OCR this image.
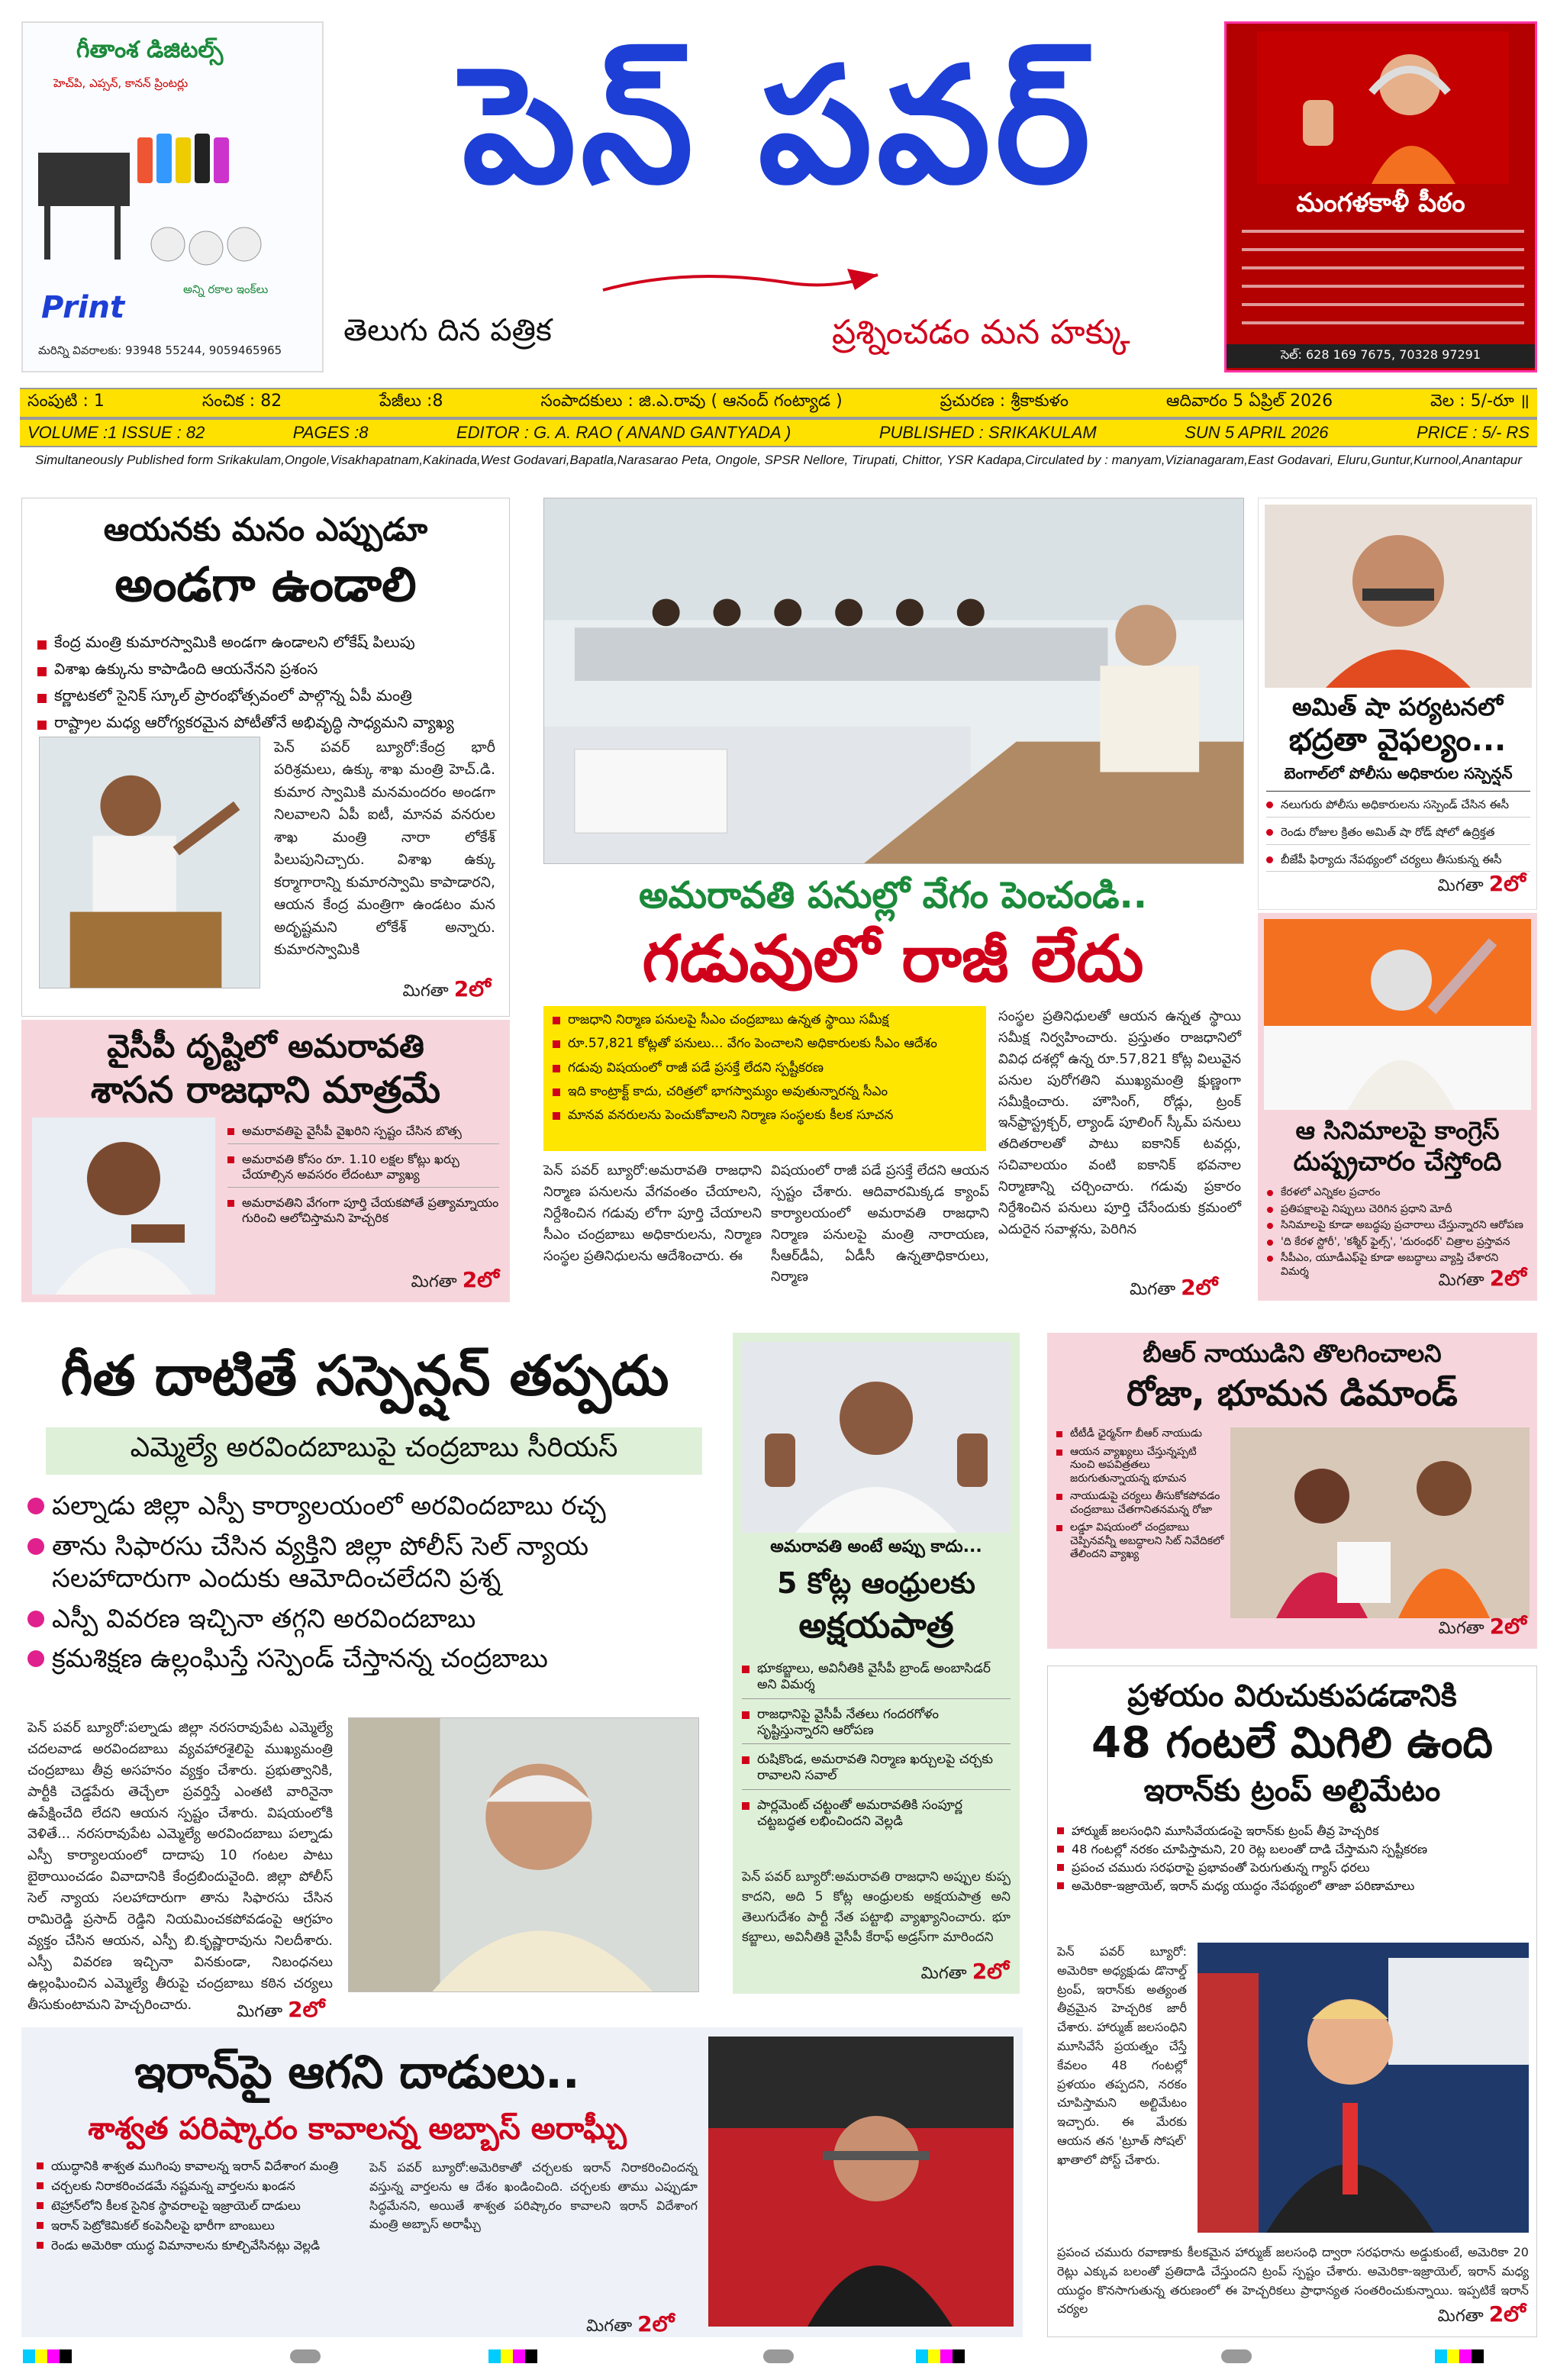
గీతాంశ డిజిటల్స్
హెచ్‌పి, ఎప్సన్, కానన్ ప్రింటర్లు
అన్ని రకాల ఇంక్‌లు
Print
మరిన్ని వివరాలకు: 93948 55244, 9059465965
పెన్ పవర్
తెలుగు దిన పత్రిక	ప్రశ్నించడం మన హక్కు
మంగళకాళీ పీఠం
సెల్: 628 169 7675, 70328 97291
సంపుటి : 1	సంచిక : 82	పేజీలు :8	సంపాదకులు : జి.ఎ.రావు ( ఆనంద్ గంట్యాడ )	ప్రచురణ : శ్రీకాకుళం	ఆదివారం 5 ఏప్రిల్ 2026	వెల : 5/-రూ ॥
VOLUME :1 ISSUE : 82	PAGES :8	EDITOR : G. A. RAO ( ANAND GANTYADA )	PUBLISHED : SRIKAKULAM	SUN 5 APRIL 2026	PRICE : 5/- RS
Simultaneously Published form Srikakulam,Ongole,Visakhapatnam,Kakinada,West Godavari,Bapatla,Narasarao Peta, Ongole, SPSR Nellore, Tirupati, Chittor, YSR Kadapa,Circulated by : manyam,Vizianagaram,East Godavari, Eluru,Guntur,Kurnool,Anantapur
ఆయనకు మనం ఎప్పుడూ
అండగా ఉండాలి
కేంద్ర మంత్రి కుమారస్వామికి అండగా ఉండాలని లోకేష్ పిలుపు
విశాఖ ఉక్కును కాపాడింది ఆయనేనని ప్రశంస
కర్ణాటకలో సైనిక్ స్కూల్ ప్రారంభోత్సవంలో పాల్గొన్న ఏపీ మంత్రి
రాష్ట్రాల మధ్య ఆరోగ్యకరమైన పోటీతోనే అభివృద్ధి సాధ్యమని వ్యాఖ్య
పెన్ పవర్ బ్యూరో:కేంద్ర భారీ పరిశ్రమలు, ఉక్కు శాఖ మంత్రి హెచ్.డి. కుమార స్వామికి మనమందరం అండగా నిలవాలని ఏపీ ఐటీ, మానవ వనరుల శాఖ మంత్రి నారా లోకేశ్ పిలుపునిచ్చారు. విశాఖ ఉక్కు కర్మాగారాన్ని కుమారస్వామి కాపాడారని, ఆయన కేంద్ర మంత్రిగా ఉండటం మన అదృష్టమని లోకేశ్ అన్నారు. కుమారస్వామికి
మిగతా 2లో
అమరావతి పనుల్లో వేగం పెంచండి..
గడువులో రాజీ లేదు
రాజధాని నిర్మాణ పనులపై సీఎం చంద్రబాబు ఉన్నత స్థాయి సమీక్ష
రూ.57,821 కోట్లతో పనులు... వేగం పెంచాలని అధికారులకు సీఎం ఆదేశం
గడువు విషయంలో రాజీ పడే ప్రసక్తే లేదని స్పష్టీకరణ
ఇది కాంట్రాక్ట్ కాదు, చరిత్రలో భాగస్వామ్యం అవుతున్నారన్న సీఎం
మానవ వనరులను పెంచుకోవాలని నిర్మాణ సంస్థలకు కీలక సూచన
పెన్ పవర్ బ్యూరో:అమరావతి రాజధాని నిర్మాణ పనులను వేగవంతం చేయాలని, నిర్దేశించిన గడువు లోగా పూర్తి చేయాలని సీఎం చంద్రబాబు అధికారులను, నిర్మాణ సంస్థల ప్రతినిధులను ఆదేశించారు. ఈ
విషయంలో రాజీ పడే ప్రసక్తే లేదని ఆయన స్పష్టం చేశారు. ఆదివారమిక్కడ క్యాంప్ కార్యాలయంలో అమరావతి రాజధాని నిర్మాణ పనులపై మంత్రి నారాయణ, సీఆర్‌డీఏ, ఏడీసీ ఉన్నతాధికారులు, నిర్మాణ
సంస్థల ప్రతినిధులతో ఆయన ఉన్నత స్థాయి సమీక్ష నిర్వహించారు. ప్రస్తుతం రాజధానిలో వివిధ దశల్లో ఉన్న రూ.57,821 కోట్ల విలువైన పనుల పురోగతిని ముఖ్యమంత్రి క్షుణ్ణంగా సమీక్షించారు. హౌసింగ్, రోడ్లు, ట్రంక్ ఇన్‌ఫ్రాస్ట్రక్చర్, ల్యాండ్ పూలింగ్ స్కీమ్ పనులు తదితరాలతో పాటు ఐకానిక్ టవర్లు, సచివాలయం వంటి ఐకానిక్ భవనాల నిర్మాణాన్ని చర్చించారు. గడువు ప్రకారం నిర్దేశించిన పనులు పూర్తి చేసేందుకు క్రమంలో ఎదురైన సవాళ్లను, పెరిగిన
మిగతా 2లో
అమిత్ షా పర్యటనలో
భద్రతా వైఫల్యం...
బెంగాల్‌లో పోలీసు అధికారుల సస్పెన్షన్
నలుగురు పోలీసు అధికారులను సస్పెండ్ చేసిన ఈసీ
రెండు రోజుల క్రితం అమిత్ షా రోడ్ షోలో ఉద్రిక్తత
బీజేపీ ఫిర్యాదు నేపథ్యంలో చర్యలు తీసుకున్న ఈసీ
మిగతా 2లో
ఆ సినిమాలపై కాంగ్రెస్
దుష్ప్రచారం చేస్తోంది
కేరళలో ఎన్నికల ప్రచారం
ప్రతిపక్షాలపై నిప్పులు చెరిగిన ప్రధాని మోదీ
సినిమాలపై కూడా అబద్ధపు ప్రచారాలు చేస్తున్నారని ఆరోపణ
'ది కేరళ స్టోరీ', 'కశ్మీర్ ఫైల్స్', 'దురంధర్' చిత్రాల ప్రస్తావన
సీపీఎం, యూడీఎఫ్‌పై కూడా అబద్ధాలు వ్యాప్తి చేశారని విమర్శ	మిగతా 2లో
వైసీపీ దృష్టిలో అమరావతి
శాసన రాజధాని మాత్రమే
అమరావతిపై వైసీపీ వైఖరిని స్పష్టం చేసిన బొత్స
అమరావతి కోసం రూ. 1.10 లక్షల కోట్లు ఖర్చు చేయాల్సిన అవసరం లేదంటూ వ్యాఖ్య
అమరావతిని వేగంగా పూర్తి చేయకపోతే ప్రత్యామ్నాయం గురించి ఆలోచిస్తామని హెచ్చరిక
మిగతా 2లో
గీత దాటితే సస్పెన్షన్ తప్పదు
ఎమ్మెల్యే అరవిందబాబుపై చంద్రబాబు సీరియస్
పల్నాడు జిల్లా ఎస్పీ కార్యాలయంలో అరవిందబాబు రచ్చ
తాను సిఫారసు చేసిన వ్యక్తిని జిల్లా పోలీస్ సెల్ న్యాయ సలహాదారుగా ఎందుకు ఆమోదించలేదని ప్రశ్న
ఎస్పీ వివరణ ఇచ్చినా తగ్గని అరవిందబాబు
క్రమశిక్షణ ఉల్లంఘిస్తే సస్పెండ్ చేస్తానన్న చంద్రబాబు
పెన్ పవర్ బ్యూరో:పల్నాడు జిల్లా నరసరావుపేట ఎమ్మెల్యే చదలవాడ అరవిందబాబు వ్యవహారశైలిపై ముఖ్యమంత్రి చంద్రబాబు తీవ్ర అసహనం వ్యక్తం చేశారు. ప్రభుత్వానికి, పార్టీకి చెడ్డపేరు తెచ్చేలా ప్రవర్తిస్తే ఎంతటి వారినైనా ఉపేక్షించేది లేదని ఆయన స్పష్టం చేశారు. విషయంలోకి వెళితే... నరసరావుపేట ఎమ్మెల్యే అరవిందబాబు పల్నాడు ఎస్పీ కార్యాలయంలో దాదాపు 10 గంటల పాటు బైఠాయించడం వివాదానికి కేంద్రబిందువైంది. జిల్లా పోలీస్ సెల్ న్యాయ సలహాదారుగా తాను సిఫారసు చేసిన రామిరెడ్డి ప్రసాద్ రెడ్డిని నియమించకపోవడంపై ఆగ్రహం వ్యక్తం చేసిన ఆయన, ఎస్పీ బి.కృష్ణారావును నిలదీశారు. ఎస్పీ వివరణ ఇచ్చినా వినకుండా, నిబంధనలు ఉల్లంఘించిన ఎమ్మెల్యే తీరుపై చంద్రబాబు కఠిన చర్యలు తీసుకుంటామని హెచ్చరించారు.	మిగతా 2లో
అమరావతి అంటే అప్పు కాదు...
5 కోట్ల ఆంధ్రులకు
అక్షయపాత్ర
భూకబ్జాలు, అవినీతికి వైసీపీ బ్రాండ్ అంబాసిడర్ అని విమర్శ
రాజధానిపై వైసీపీ నేతలు గందరగోళం సృష్టిస్తున్నారని ఆరోపణ
రుషికొండ, అమరావతి నిర్మాణ ఖర్చులపై చర్చకు రావాలని సవాల్
పార్లమెంట్ చట్టంతో అమరావతికి సంపూర్ణ చట్టబద్ధత లభించిందని వెల్లడి
పెన్ పవర్ బ్యూరో:అమరావతి రాజధాని అప్పుల కుప్ప కాదని, అది 5 కోట్ల ఆంధ్రులకు అక్షయపాత్ర అని తెలుగుదేశం పార్టీ నేత పట్టాభి వ్యాఖ్యానించారు. భూ కబ్జాలు, అవినీతికి వైసీపీ కేరాఫ్ అడ్రస్‌గా మారిందని
మిగతా 2లో
బీఆర్ నాయుడిని తొలగించాలని
రోజా, భూమన డిమాండ్
టీటీడీ ఛైర్మన్‌గా బీఆర్ నాయుడు
ఆయన వ్యాఖ్యలు చేస్తున్నప్పటి నుంచి అపవిత్రతలు జరుగుతున్నాయన్న భూమన
నాయుడుపై చర్యలు తీసుకోకపోవడం చంద్రబాబు చేతగానితనమన్న రోజా
లడ్డూ విషయంలో చంద్రబాబు చెప్పినవన్నీ అబద్ధాలని సిట్ నివేదికలో తేలిందని వ్యాఖ్య
మిగతా 2లో
ప్రళయం విరుచుకుపడడానికి
48 గంటలే మిగిలి ఉంది
ఇరాన్‌కు ట్రంప్ అల్టిమేటం
హార్ముజ్ జలసంధిని మూసివేయడంపై ఇరాన్‌కు ట్రంప్ తీవ్ర హెచ్చరిక
48 గంటల్లో నరకం చూపిస్తామని, 20 రెట్ల బలంతో దాడి చేస్తామని స్పష్టీకరణ
ప్రపంచ చమురు సరఫరాపై ప్రభావంతో పెరుగుతున్న గ్యాస్ ధరలు
అమెరికా-ఇజ్రాయెల్, ఇరాన్ మధ్య యుద్ధం నేపథ్యంలో తాజా పరిణామాలు
పెన్ పవర్ బ్యూరో: అమెరికా అధ్యక్షుడు డొనాల్డ్ ట్రంప్, ఇరాన్‌కు అత్యంత తీవ్రమైన హెచ్చరిక జారీ చేశారు. హార్ముజ్ జలసంధిని మూసివేసే ప్రయత్నం చేస్తే కేవలం 48 గంటల్లో ప్రళయం తప్పదని, నరకం చూపిస్తామని అల్టిమేటం ఇచ్చారు. ఈ మేరకు ఆయన తన 'ట్రూత్ సోషల్' ఖాతాలో పోస్ట్ చేశారు.
ప్రపంచ చమురు రవాణాకు కీలకమైన హార్ముజ్ జలసంధి ద్వారా సరఫరాను అడ్డుకుంటే, అమెరికా 20 రెట్లు ఎక్కువ బలంతో ప్రతిదాడి చేస్తుందని ట్రంప్ స్పష్టం చేశారు. అమెరికా-ఇజ్రాయెల్, ఇరాన్ మధ్య యుద్ధం కొనసాగుతున్న తరుణంలో ఈ హెచ్చరికలు ప్రాధాన్యత సంతరించుకున్నాయి. ఇప్పటికే ఇరాన్ చర్యల	మిగతా 2లో
ఇరాన్‌పై ఆగని దాడులు..
శాశ్వత పరిష్కారం కావాలన్న అబ్బాస్ అరాఘ్చీ
యుద్ధానికి శాశ్వత ముగింపు కావాలన్న ఇరాన్ విదేశాంగ మంత్రి
చర్చలకు నిరాకరించడమే నష్టమన్న వార్తలను ఖండన
టెహ్రాన్‌లోని కీలక సైనిక స్థావరాలపై ఇజ్రాయెల్ దాడులు
ఇరాన్ పెట్రోకెమికల్ కంపెనీలపై భారీగా బాంబులు
రెండు అమెరికా యుద్ధ విమానాలను కూల్చివేసినట్లు వెల్లడి
పెన్ పవర్ బ్యూరో:అమెరికాతో చర్చలకు ఇరాన్ నిరాకరించిందన్న వస్తున్న వార్తలను ఆ దేశం ఖండించింది. చర్చలకు తాము ఎప్పుడూ సిద్ధమేనని, అయితే శాశ్వత పరిష్కారం కావాలని ఇరాన్ విదేశాంగ మంత్రి అబ్బాస్ అరాఘ్చీ
మిగతా 2లో
